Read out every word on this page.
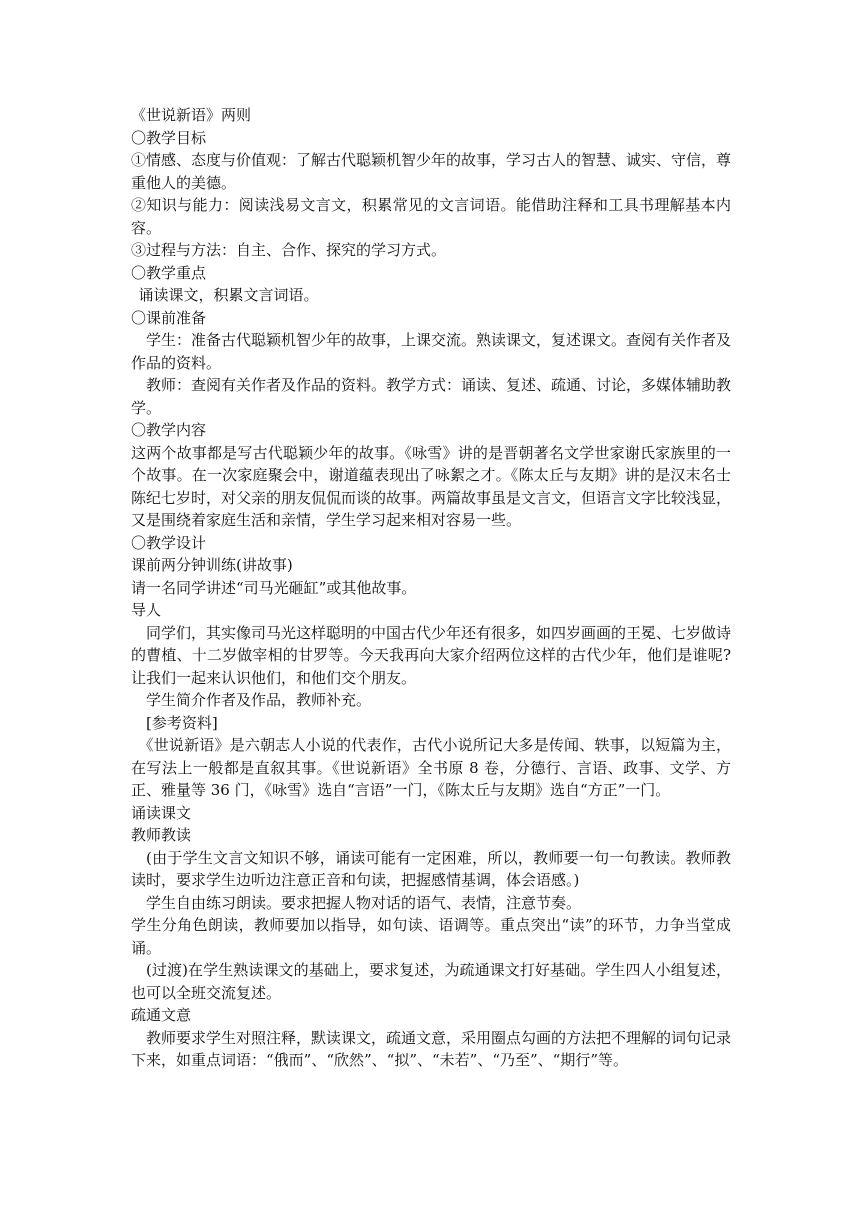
《世说新语》两则
〇教学目标
①情感、态度与价值观：了解古代聪颖机智少年的故事，学习古人的智慧、诚实、守信，尊重他人的美德。
②知识与能力：阅读浅易文言文，积累常见的文言词语。能借助注释和工具书理解基本内容。
③过程与方法：自主、合作、探究的学习方式。
〇教学重点
诵读课文，积累文言词语。
〇课前准备
学生：准备古代聪颖机智少年的故事，上课交流。熟读课文，复述课文。查阅有关作者及作品的资料。
教师：查阅有关作者及作品的资料。教学方式：诵读、复述、疏通、讨论，多媒体辅助教学。
〇教学内容
这两个故事都是写古代聪颖少年的故事。《咏雪》讲的是晋朝著名文学世家谢氏家族里的一个故事。在一次家庭聚会中，谢道蕴表现出了咏絮之才。《陈太丘与友期》讲的是汉末名士陈纪七岁时，对父亲的朋友侃侃而谈的故事。两篇故事虽是文言文，但语言文字比较浅显，又是围绕着家庭生活和亲情，学生学习起来相对容易一些。
〇教学设计
课前两分钟训练(讲故事)
请一名同学讲述“司马光砸缸”或其他故事。
导人
同学们，其实像司马光这样聪明的中国古代少年还有很多，如四岁画画的王冕、七岁做诗的曹植、十二岁做宰相的甘罗等。今天我再向大家介绍两位这样的古代少年，他们是谁呢?让我们一起来认识他们，和他们交个朋友。
学生简介作者及作品，教师补充。
[参考资料]
《世说新语》是六朝志人小说的代表作，古代小说所记大多是传闻、轶事，以短篇为主，在写法上一般都是直叙其事。《世说新语》全书原 8 卷，分德行、言语、政事、文学、方正、雅量等 36 门，《咏雪》选自“言语”一门，《陈太丘与友期》选自“方正”一门。
诵读课文
教师教读
(由于学生文言文知识不够，诵读可能有一定困难，所以，教师要一句一句教读。教师教读时，要求学生边听边注意正音和句读，把握感情基调，体会语感。)
学生自由练习朗读。要求把握人物对话的语气、表情，注意节奏。
学生分角色朗读，教师要加以指导，如句读、语调等。重点突出“读”的环节，力争当堂成诵。
(过渡)在学生熟读课文的基础上，要求复述，为疏通课文打好基础。学生四人小组复述，也可以全班交流复述。
疏通文意
教师要求学生对照注释，默读课文，疏通文意，采用圈点勾画的方法把不理解的词句记录下来，如重点词语：“俄而”、“欣然”、“拟”、“未若”、“乃至”、“期行”等。
